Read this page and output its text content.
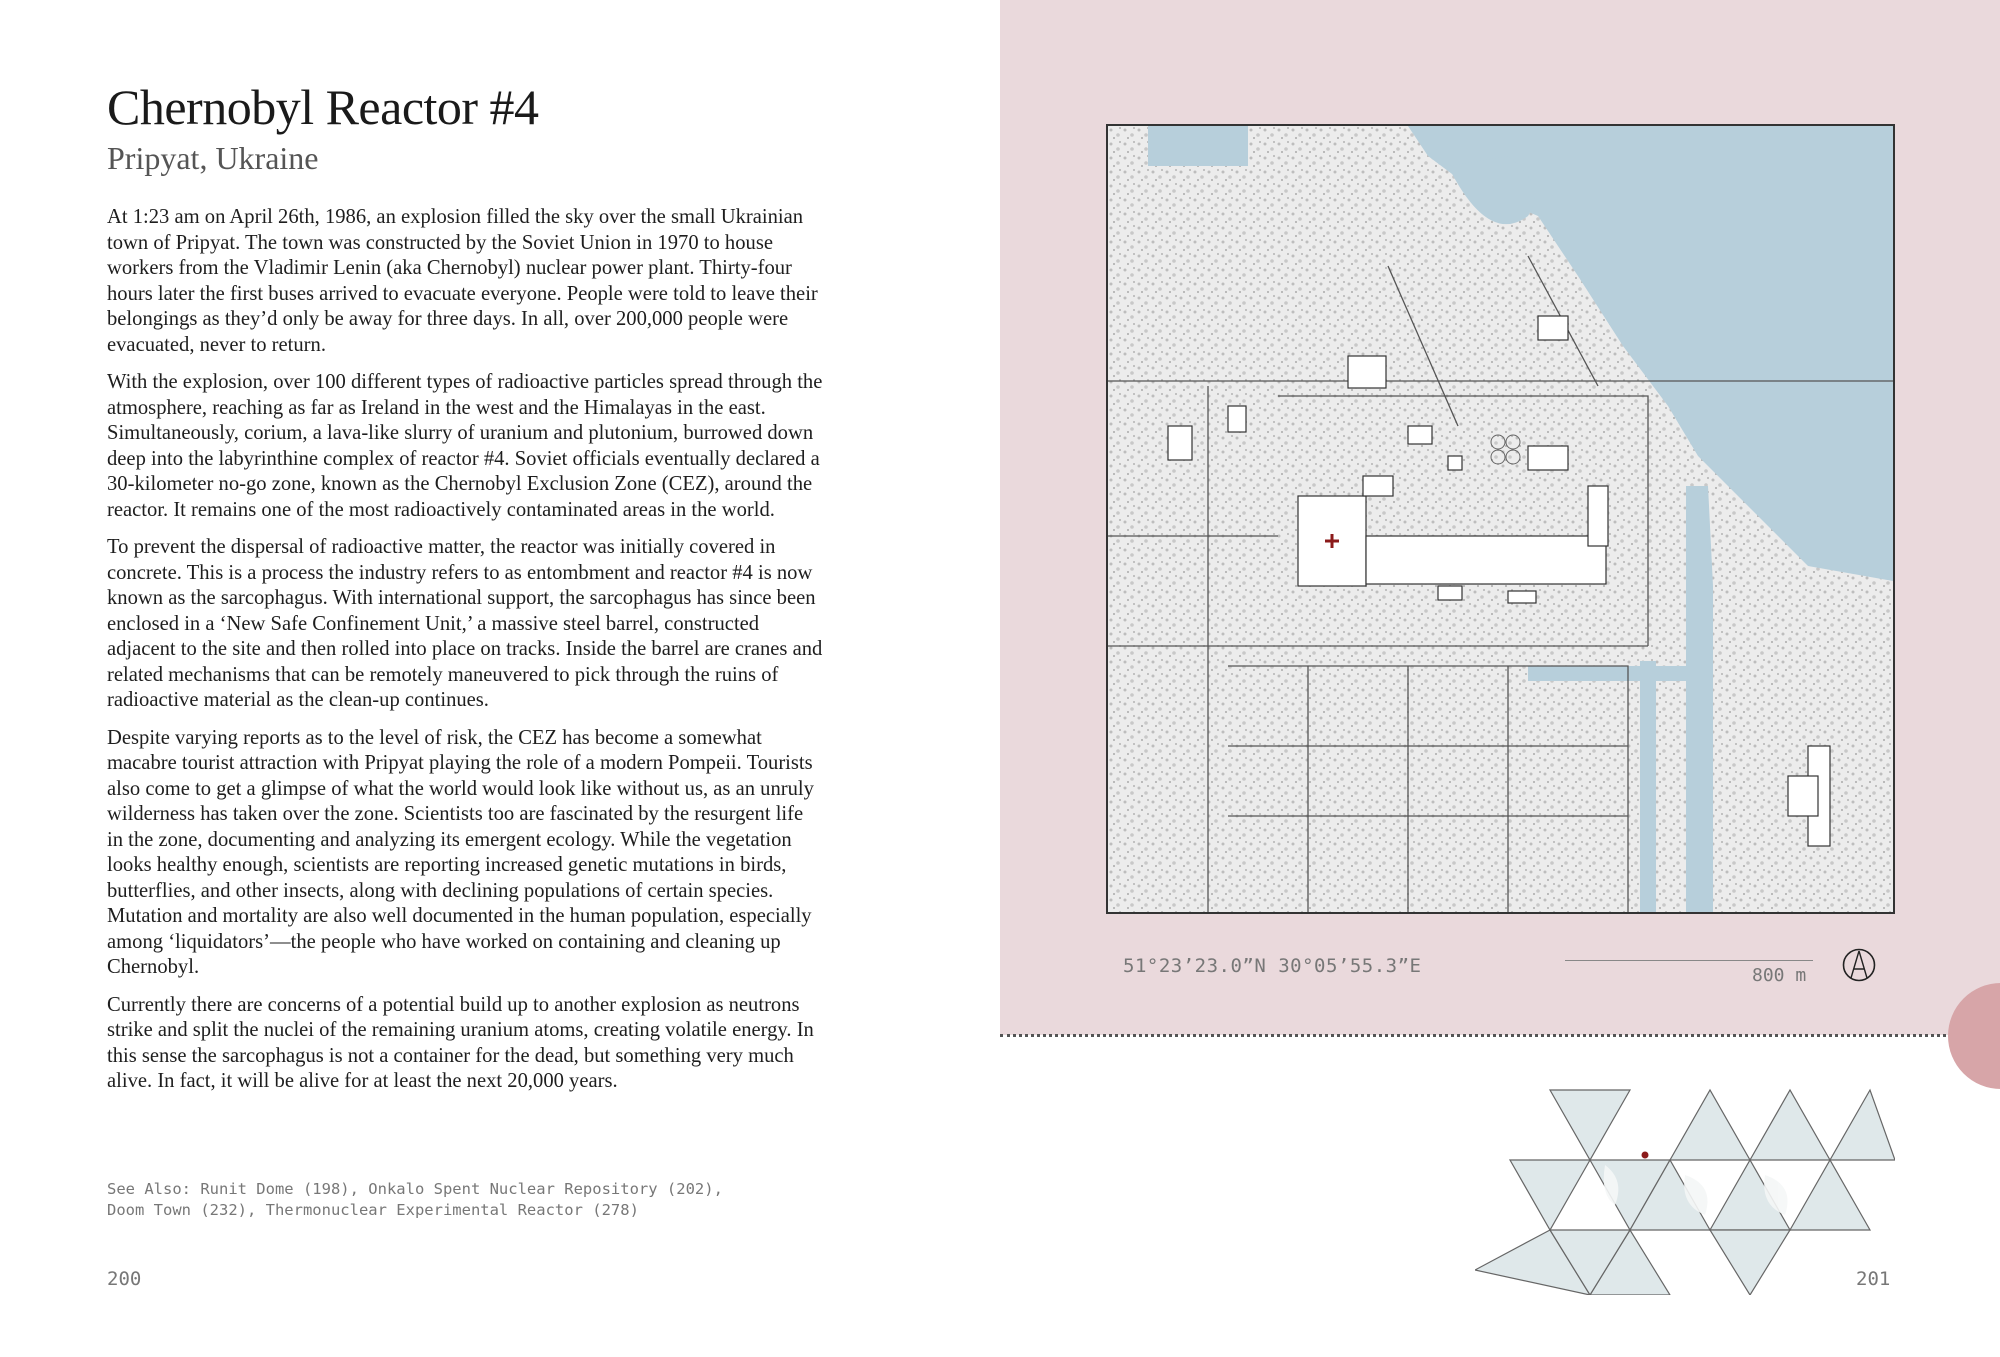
Chernobyl Reactor #4
Pripyat, Ukraine

At 1:23 am on April 26th, 1986, an explosion filled the sky over the small Ukrainian town of Pripyat. The town was constructed by the Soviet Union in 1970 to house workers from the Vladimir Lenin (aka Chernobyl) nuclear power plant. Thirty-four hours later the first buses arrived to evacuate everyone. People were told to leave their belongings as they’d only be away for three days. In all, over 200,000 people were evacuated, never to return.

With the explosion, over 100 different types of radioactive particles spread through the atmosphere, reaching as far as Ireland in the west and the Himalayas in the east. Simultaneously, corium, a lava-like slurry of uranium and plutonium, burrowed down deep into the labyrinthine complex of reactor #4. Soviet officials eventually declared a 30-kilometer no-go zone, known as the Chernobyl Exclusion Zone (CEZ), around the reactor. It remains one of the most radioactively contaminated areas in the world.

To prevent the dispersal of radioactive matter, the reactor was initially covered in concrete. This is a process the industry refers to as entombment and reactor #4 is now known as the sarcophagus. With international support, the sarcophagus has since been enclosed in a ‘New Safe Confinement Unit,’ a massive steel barrel, constructed adjacent to the site and then rolled into place on tracks. Inside the barrel are cranes and related mechanisms that can be remotely maneuvered to pick through the ruins of radioactive material as the clean-up continues.

Despite varying reports as to the level of risk, the CEZ has become a somewhat macabre tourist attraction with Pripyat playing the role of a modern Pompeii. Tourists also come to get a glimpse of what the world would look like without us, as an unruly wilderness has taken over the zone. Scientists too are fascinated by the resurgent life in the zone, documenting and analyzing its emergent ecology. While the vegetation looks healthy enough, scientists are reporting increased genetic mutations in birds, butterflies, and other insects, along with declining populations of certain species. Mutation and mortality are also well documented in the human population, especially among ‘liquidators’—the people who have worked on containing and cleaning up Chernobyl.

Currently there are concerns of a potential build up to another explosion as neutrons strike and split the nuclei of the remaining uranium atoms, creating volatile energy. In this sense the sarcophagus is not a container for the dead, but something very much alive. In fact, it will be alive for at least the next 20,000 years.

See Also: Runit Dome (198), Onkalo Spent Nuclear Repository (202),
Doom Town (232), Thermonuclear Experimental Reactor (278)
200
51°23’23.0”N 30°05’55.3”E	800 m
201
